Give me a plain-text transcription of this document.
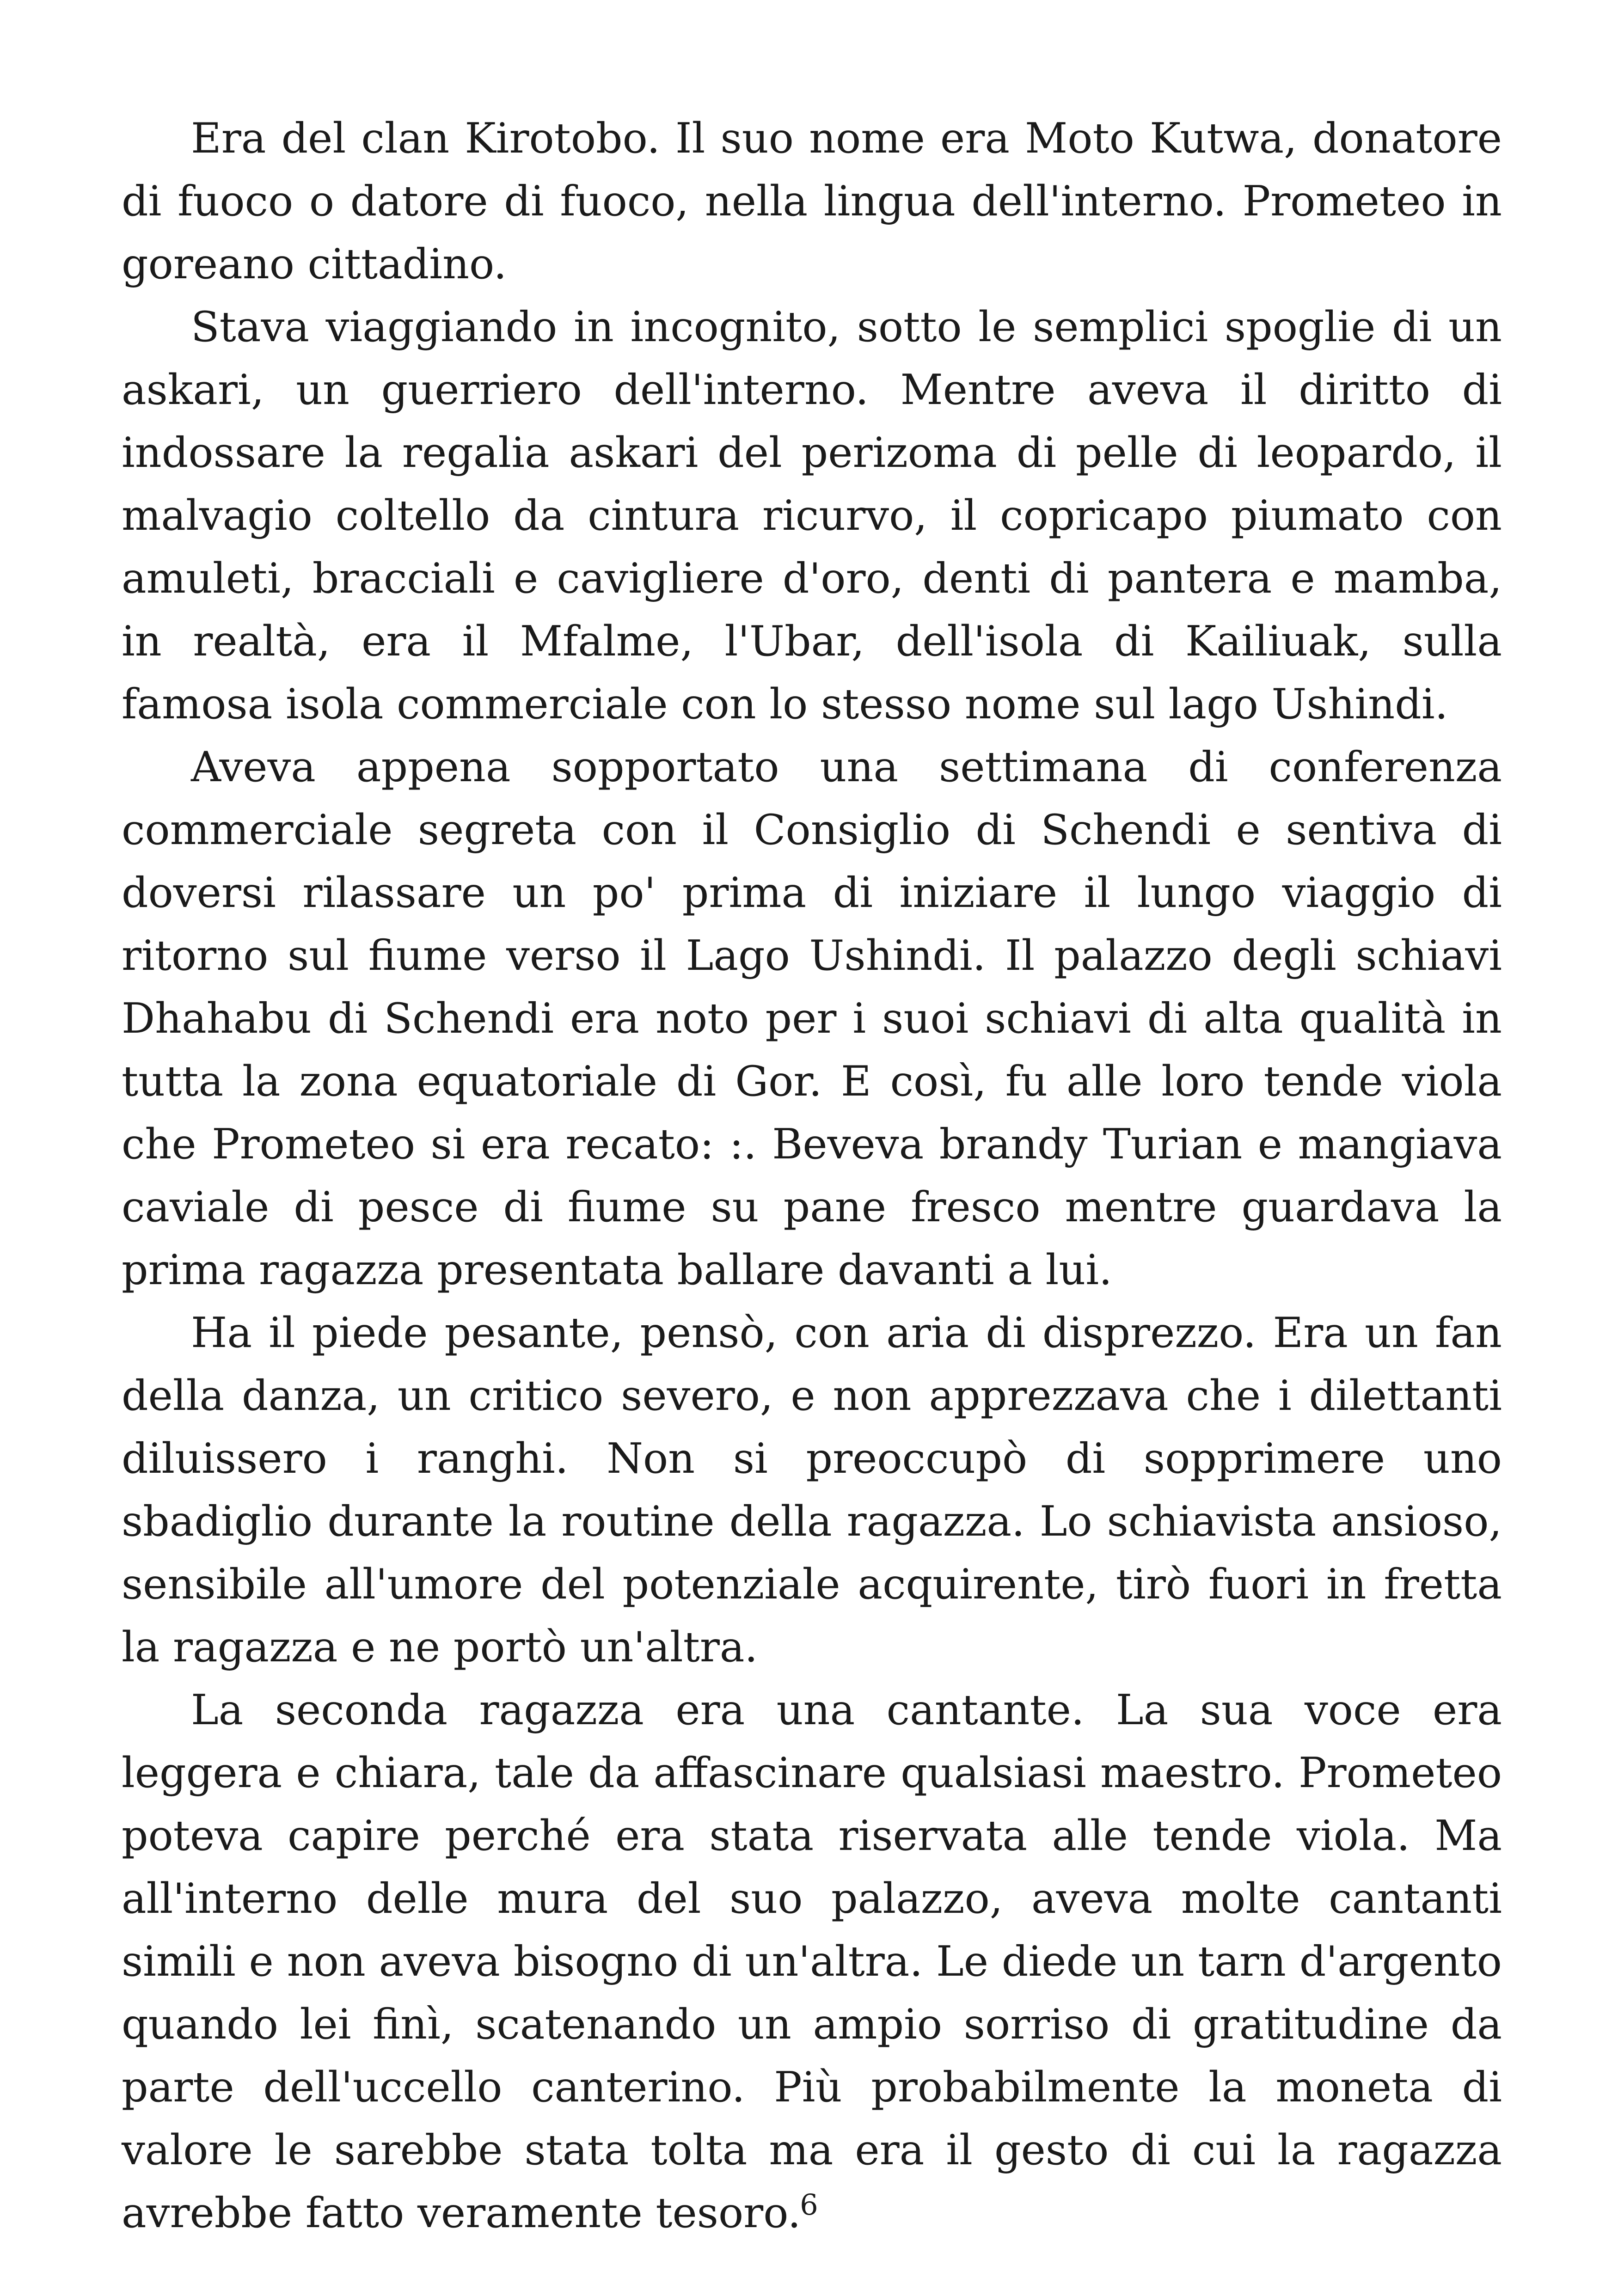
Era del clan Kirotobo. Il suo nome era Moto Kutwa, donatore di fuoco o datore di fuoco, nella lingua dell'interno. Prometeo in goreano cittadino.

Stava viaggiando in incognito, sotto le semplici spoglie di un askari, un guerriero dell'interno. Mentre aveva il diritto di indossare la regalia askari del perizoma di pelle di leopardo, il malvagio coltello da cintura ricurvo, il copricapo piumato con amuleti, bracciali e cavigliere d'oro, denti di pantera e mamba, in realtà, era il Mfalme, l'Ubar, dell'isola di Kailiuak, sulla famosa isola commerciale con lo stesso nome sul lago Ushindi.

Aveva appena sopportato una settimana di conferenza commerciale segreta con il Consiglio di Schendi e sentiva di doversi rilassare un po' prima di iniziare il lungo viaggio di ritorno sul fiume verso il Lago Ushindi. Il palazzo degli schiavi Dhahabu di Schendi era noto per i suoi schiavi di alta qualità in tutta la zona equatoriale di Gor. E così, fu alle loro tende viola che Prometeo si era recato: :. Beveva brandy Turian e mangiava caviale di pesce di fiume su pane fresco mentre guardava la prima ragazza presentata ballare davanti a lui.

Ha il piede pesante, pensò, con aria di disprezzo. Era un fan della danza, un critico severo, e non apprezzava che i dilettanti diluissero i ranghi. Non si preoccupò di sopprimere uno sbadiglio durante la routine della ragazza. Lo schiavista ansioso, sensibile all'umore del potenziale acquirente, tirò fuori in fretta la ragazza e ne portò un'altra.

La seconda ragazza era una cantante. La sua voce era leggera e chiara, tale da affascinare qualsiasi maestro. Prometeo poteva capire perché era stata riservata alle tende viola. Ma all'interno delle mura del suo palazzo, aveva molte cantanti simili e non aveva bisogno di un'altra. Le diede un tarn d'argento quando lei finì, scatenando un ampio sorriso di gratitudine da parte dell'uccello canterino. Più probabilmente la moneta di valore le sarebbe stata tolta ma era il gesto di cui la ragazza avrebbe fatto veramente tesoro.

6
